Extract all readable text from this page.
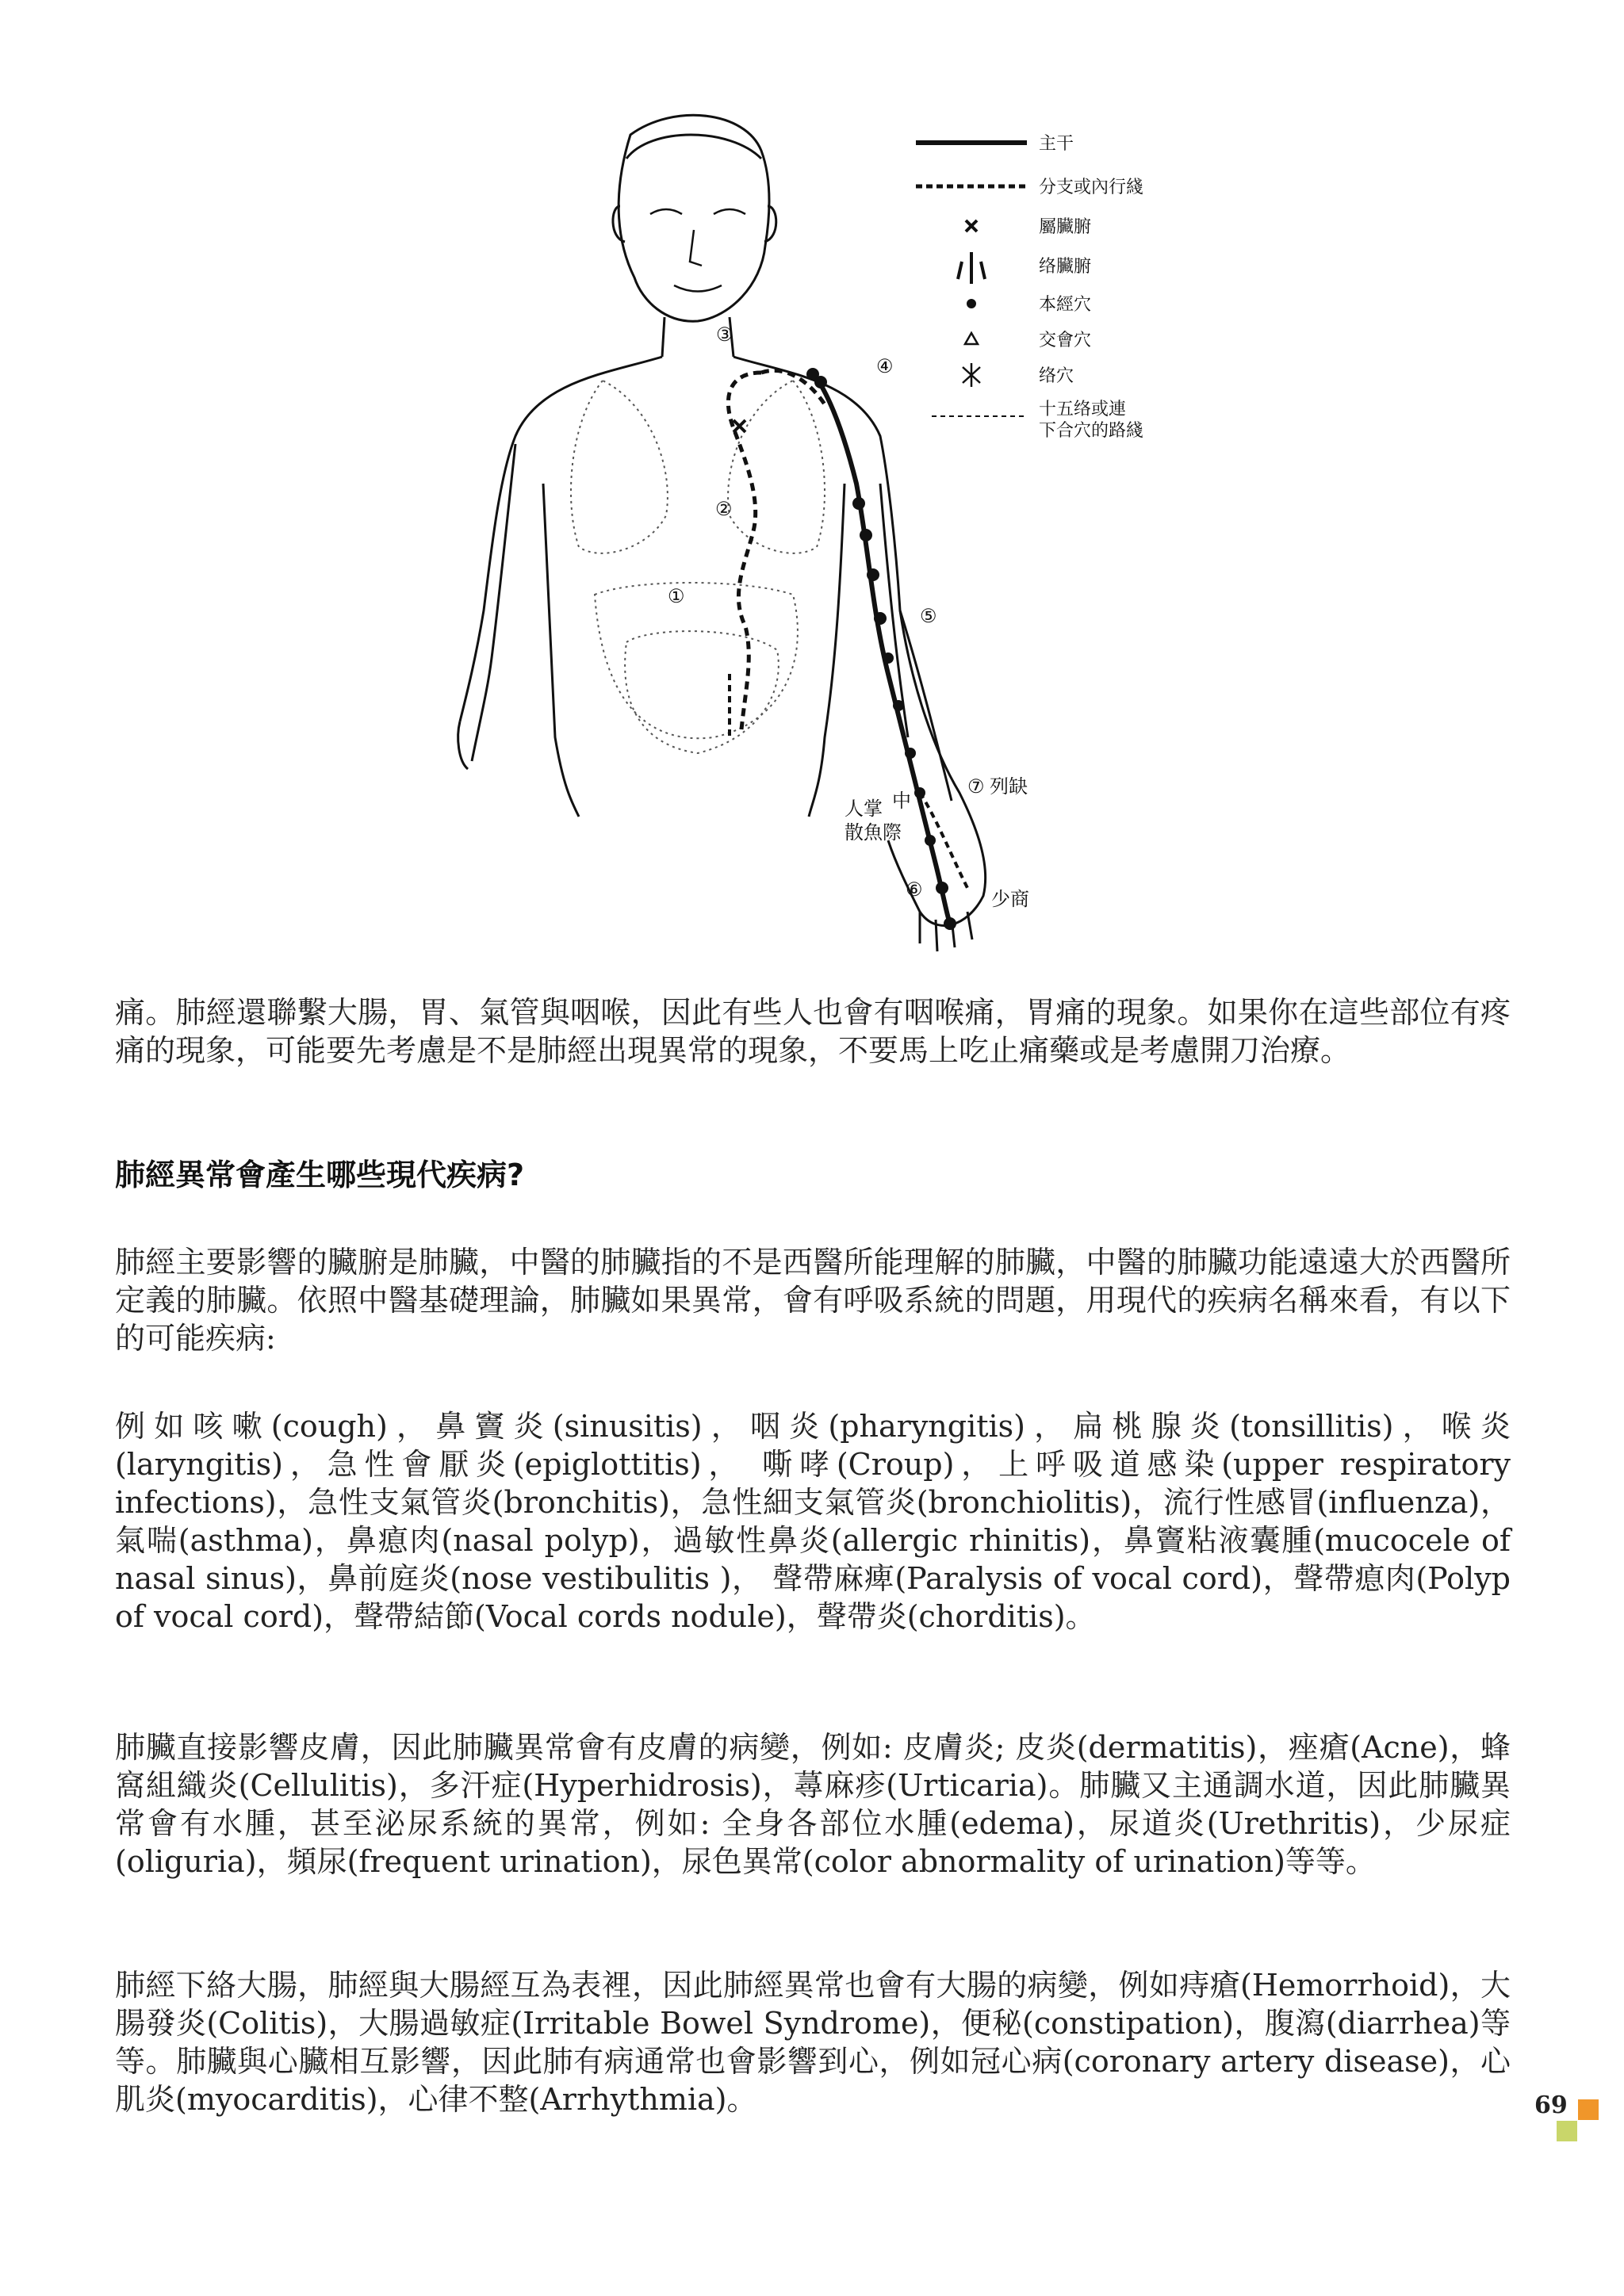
①
②
③
④
⑤
⑥
⑦ 列缺
少商
中
人掌
散魚際
主干
分支或內行綫
屬臟腑
络臟腑
本經穴
交會穴
络穴
十五络或連
下合穴的路綫

痛。肺經還聯繫大腸，胃、氣管與咽喉，因此有些人也會有咽喉痛，胃痛的現象。如果你在這些部位有疼痛的現象，可能要先考慮是不是肺經出現異常的現象，不要馬上吃止痛藥或是考慮開刀治療。

肺經異常會產生哪些現代疾病?

肺經主要影響的臟腑是肺臟，中醫的肺臟指的不是西醫所能理解的肺臟，中醫的肺臟功能遠遠大於西醫所定義的肺臟。依照中醫基礎理論，肺臟如果異常，會有呼吸系統的問題，用現代的疾病名稱來看，有以下的可能疾病:

例如咳嗽(cough)，鼻竇炎(sinusitis)，咽炎(pharyngitis)，扁桃腺炎(tonsillitis)，喉炎(laryngitis)，急性會厭炎(epiglottitis)， 嘶哮(Croup)，上呼吸道感染(upper respiratory infections)，急性支氣管炎(bronchitis)，急性細支氣管炎(bronchiolitis)，流行性感冒(influenza)，氣喘(asthma)，鼻瘜肉(nasal polyp)，過敏性鼻炎(allergic rhinitis)，鼻竇粘液囊腫(mucocele of nasal sinus)，鼻前庭炎(nose vestibulitis )， 聲帶麻痺(Paralysis of vocal cord)，聲帶瘜肉(Polyp of vocal cord)，聲帶結節(Vocal cords nodule)，聲帶炎(chorditis)。

肺臟直接影響皮膚，因此肺臟異常會有皮膚的病變，例如: 皮膚炎; 皮炎(dermatitis)，痤瘡(Acne)，蜂窩組織炎(Cellulitis)，多汗症(Hyperhidrosis)，蕁麻疹(Urticaria)。肺臟又主通調水道，因此肺臟異常會有水腫，甚至泌尿系統的異常，例如: 全身各部位水腫(edema)，尿道炎(Urethritis)，少尿症(oliguria)，頻尿(frequent urination)，尿色異常(color abnormality of urination)等等。

肺經下絡大腸，肺經與大腸經互為表裡，因此肺經異常也會有大腸的病變，例如痔瘡(Hemorrhoid)，大腸發炎(Colitis)，大腸過敏症(Irritable Bowel Syndrome)，便秘(constipation)，腹瀉(diarrhea)等等。肺臟與心臟相互影響，因此肺有病通常也會影響到心，例如冠心病(coronary artery disease)，心肌炎(myocarditis)，心律不整(Arrhythmia)。	69
